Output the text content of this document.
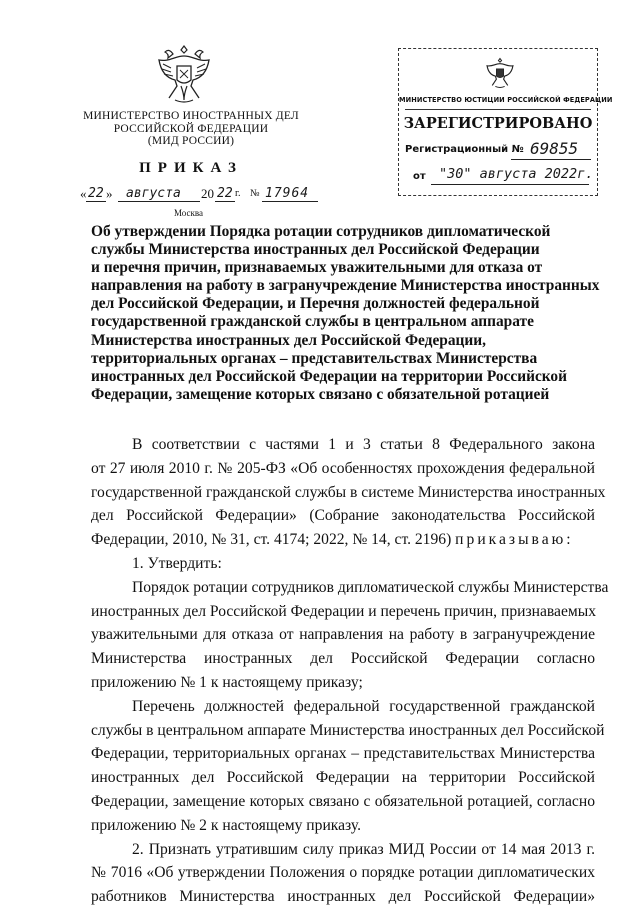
МИНИСТЕРСТВО ИНОСТРАННЫХ ДЕЛ
РОССИЙСКОЙ ФЕДЕРАЦИИ
(МИД РОССИИ)
ПРИКАЗ
« 22 » августа 20 22 г. № 17964
Москва
МИНИСТЕРСТВО ЮСТИЦИИ РОССИЙСКОЙ ФЕДЕРАЦИИ
ЗАРЕГИСТРИРОВАНО
Регистрационный № 69855
от "30" августа 2022г.
Об утверждении Порядка ротации сотрудников дипломатической
службы Министерства иностранных дел Российской Федерации
и перечня причин, признаваемых уважительными для отказа от
направления на работу в загранучреждение Министерства иностранных
дел Российской Федерации, и Перечня должностей федеральной
государственной гражданской службы в центральном аппарате
Министерства иностранных дел Российской Федерации,
территориальных органах – представительствах Министерства
иностранных дел Российской Федерации на территории Российской
Федерации, замещение которых связано с обязательной ротацией
В соответствии с частями 1 и 3 статьи 8 Федерального закона
от 27 июля 2010 г. № 205-ФЗ «Об особенностях прохождения федеральной
государственной гражданской службы в системе Министерства иностранных
дел Российской Федерации» (Собрание законодательства Российской
Федерации, 2010, № 31, ст. 4174; 2022, № 14, ст. 2196) приказываю:
1. Утвердить:
Порядок ротации сотрудников дипломатической службы Министерства
иностранных дел Российской Федерации и перечень причин, признаваемых
уважительными для отказа от направления на работу в загранучреждение
Министерства иностранных дел Российской Федерации согласно
приложению № 1 к настоящему приказу;
Перечень должностей федеральной государственной гражданской
службы в центральном аппарате Министерства иностранных дел Российской
Федерации, территориальных органах – представительствах Министерства
иностранных дел Российской Федерации на территории Российской
Федерации, замещение которых связано с обязательной ротацией, согласно
приложению № 2 к настоящему приказу.
2. Признать утратившим силу приказ МИД России от 14 мая 2013 г.
№ 7016 «Об утверждении Положения о порядке ротации дипломатических
работников Министерства иностранных дел Российской Федерации»
